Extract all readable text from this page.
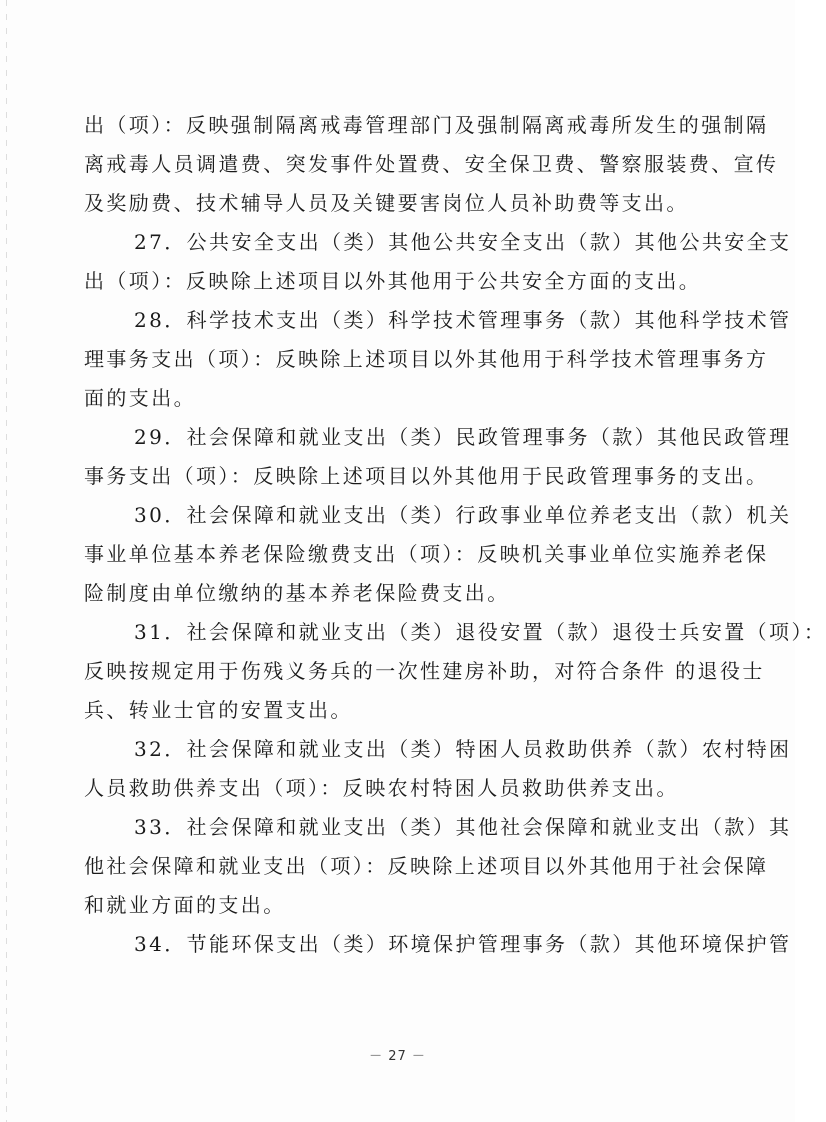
出（项）：反映强制隔离戒毒管理部门及强制隔离戒毒所发生的强制隔
离戒毒人员调遣费、突发事件处置费、安全保卫费、警察服装费、宣传
及奖励费、技术辅导人员及关键要害岗位人员补助费等支出。
27．公共安全支出（类）其他公共安全支出（款）其他公共安全支
出（项）：反映除上述项目以外其他用于公共安全方面的支出。
28．科学技术支出（类）科学技术管理事务（款）其他科学技术管
理事务支出（项）：反映除上述项目以外其他用于科学技术管理事务方
面的支出。
29．社会保障和就业支出（类）民政管理事务（款）其他民政管理
事务支出（项）：反映除上述项目以外其他用于民政管理事务的支出。
30．社会保障和就业支出（类）行政事业单位养老支出（款）机关
事业单位基本养老保险缴费支出（项）：反映机关事业单位实施养老保
险制度由单位缴纳的基本养老保险费支出。
31．社会保障和就业支出（类）退役安置（款）退役士兵安置（项）：
反映按规定用于伤残义务兵的一次性建房补助，对符合条件 的退役士
兵、转业士官的安置支出。
32．社会保障和就业支出（类）特困人员救助供养（款）农村特困
人员救助供养支出（项）：反映农村特困人员救助供养支出。
33．社会保障和就业支出（类）其他社会保障和就业支出（款）其
他社会保障和就业支出（项）：反映除上述项目以外其他用于社会保障
和就业方面的支出。
34．节能环保支出（类）环境保护管理事务（款）其他环境保护管
－ 27 －
